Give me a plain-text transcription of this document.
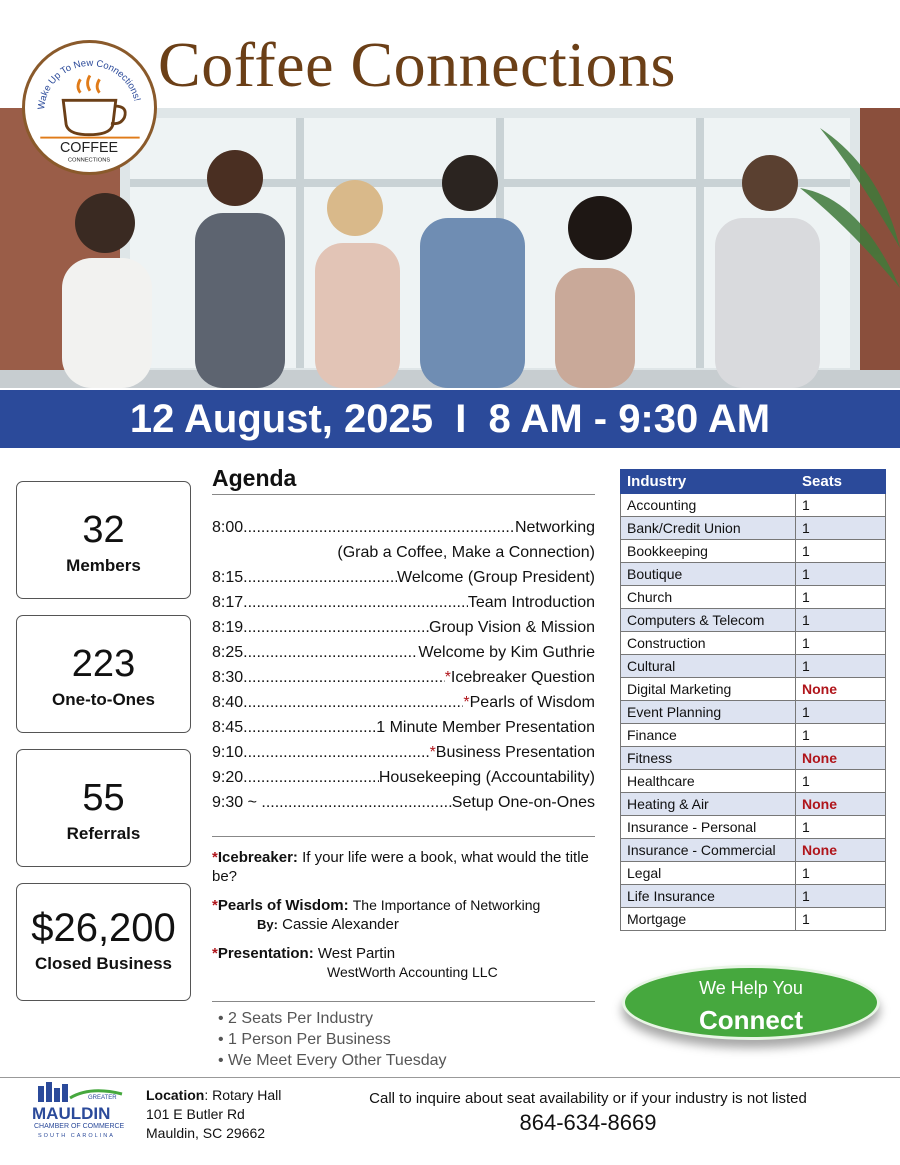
Wake Up To New Connections!
COFFEE
CONNECTIONS
Coffee Connections
12 August, 2025  I  8 AM - 9:30 AM
32
Members
223
One-to-Ones
55
Referrals
$26,200
Closed Business
Agenda
8:00 .....	Networking
(Grab a Coffee, Make a Connection)
8:15 .....	Welcome (Group President)
8:17 .....	Team Introduction
8:19 .....	Group Vision & Mission
8:25 .....	Welcome by Kim Guthrie
8:30 .....	*Icebreaker Question
8:40 .....	*Pearls of Wisdom
8:45 .....	1 Minute Member Presentation
9:10 .....	*Business Presentation
9:20 .....	Housekeeping (Accountability)
9:30 ~ .....	Setup One-on-Ones

*Icebreaker: If your life were a book, what would the title be?

*Pearls of Wisdom: The Importance of Networking
By: Cassie Alexander

*Presentation: West Partin
WestWorth Accounting LLC

• 2 Seats Per Industry
• 1 Person Per Business
• We Meet Every Other Tuesday
Industry	Seats
Accounting	1
Bank/Credit Union	1
Bookkeeping	1
Boutique	1
Church	1
Computers & Telecom	1
Construction	1
Cultural	1
Digital Marketing	None
Event Planning	1
Finance	1
Fitness	None
Healthcare	1
Heating & Air	None
Insurance - Personal	1
Insurance - Commercial	None
Legal	1
Life Insurance	1
Mortgage	1
We Help You
Connect
GREATER
MAULDIN
CHAMBER OF COMMERCE
SOUTH CAROLINA
Location: Rotary Hall
101 E Butler Rd
Mauldin, SC 29662
Call to inquire about seat availability or if your industry is not listed
864-634-8669
